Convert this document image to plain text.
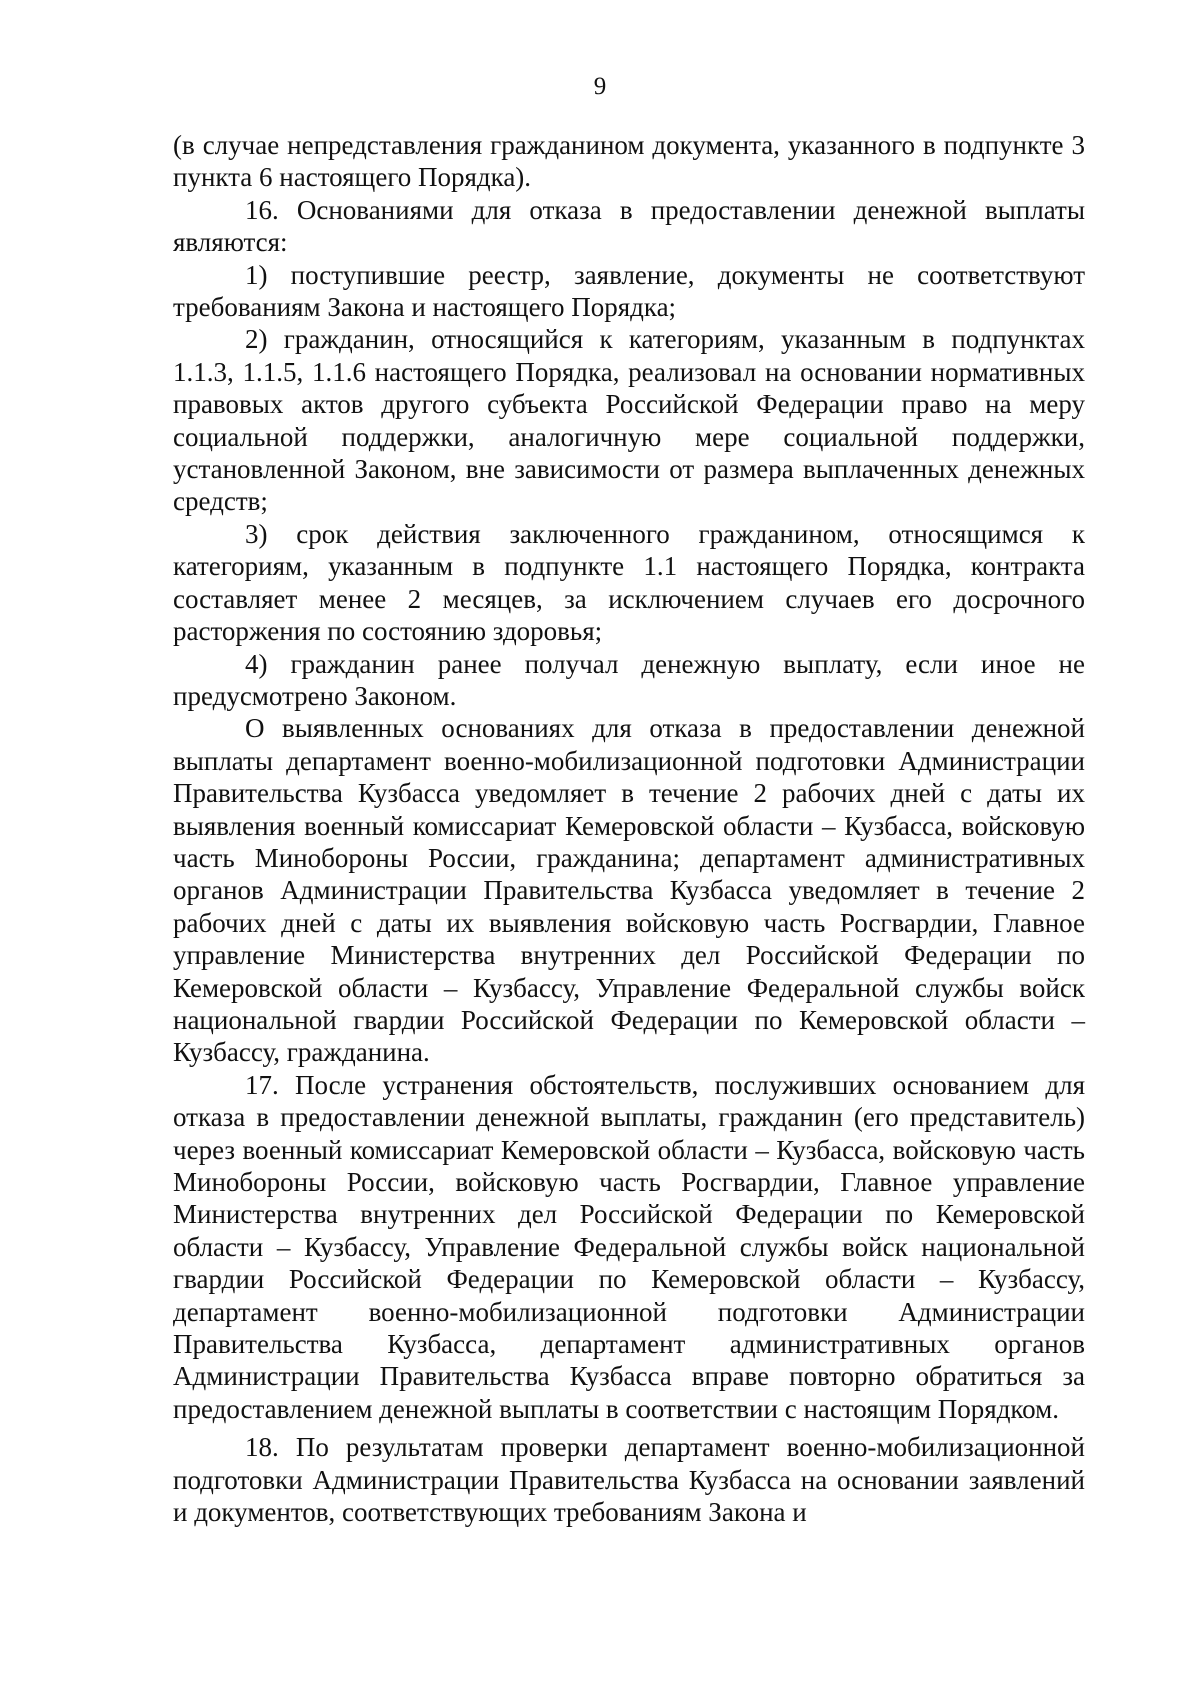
9

(в случае непредставления гражданином документа, указанного в подпункте 3 пункта 6 настоящего Порядка).

16. Основаниями для отказа в предоставлении денежной выплаты являются:

1) поступившие реестр, заявление, документы не соответствуют требованиям Закона и настоящего Порядка;

2) гражданин, относящийся к категориям, указанным в подпунктах 1.1.3, 1.1.5, 1.1.6 настоящего Порядка, реализовал на основании нормативных правовых актов другого субъекта Российской Федерации право на меру социальной поддержки, аналогичную мере социальной поддержки, установленной Законом, вне зависимости от размера выплаченных денежных средств;

3) срок действия заключенного гражданином, относящимся к категориям, указанным в подпункте 1.1 настоящего Порядка, контракта составляет менее 2 месяцев, за исключением случаев его досрочного расторжения по состоянию здоровья;

4) гражданин ранее получал денежную выплату, если иное не предусмотрено Законом.

О выявленных основаниях для отказа в предоставлении денежной выплаты департамент военно-мобилизационной подготовки Администрации Правительства Кузбасса уведомляет в течение 2 рабочих дней с даты их выявления военный комиссариат Кемеровской области – Кузбасса, войсковую часть Минобороны России, гражданина; департамент административных органов Администрации Правительства Кузбасса уведомляет в течение 2 рабочих дней с даты их выявления войсковую часть Росгвардии, Главное управление Министерства внутренних дел Российской Федерации по Кемеровской области – Кузбассу, Управление Федеральной службы войск национальной гвардии Российской Федерации по Кемеровской области – Кузбассу, гражданина.

17. После устранения обстоятельств, послуживших основанием для отказа в предоставлении денежной выплаты, гражданин (его представитель) через военный комиссариат Кемеровской области – Кузбасса, войсковую часть Минобороны России, войсковую часть Росгвардии, Главное управление Министерства внутренних дел Российской Федерации по Кемеровской области – Кузбассу, Управление Федеральной службы войск национальной гвардии Российской Федерации по Кемеровской области – Кузбассу, департамент военно-мобилизационной подготовки Администрации Правительства Кузбасса, департамент административных органов Администрации Правительства Кузбасса вправе повторно обратиться за предоставлением денежной выплаты в соответствии с настоящим Порядком.

18. По результатам проверки департамент военно-мобилизационной подготовки Администрации Правительства Кузбасса на основании заявлений и документов, соответствующих требованиям Закона и
